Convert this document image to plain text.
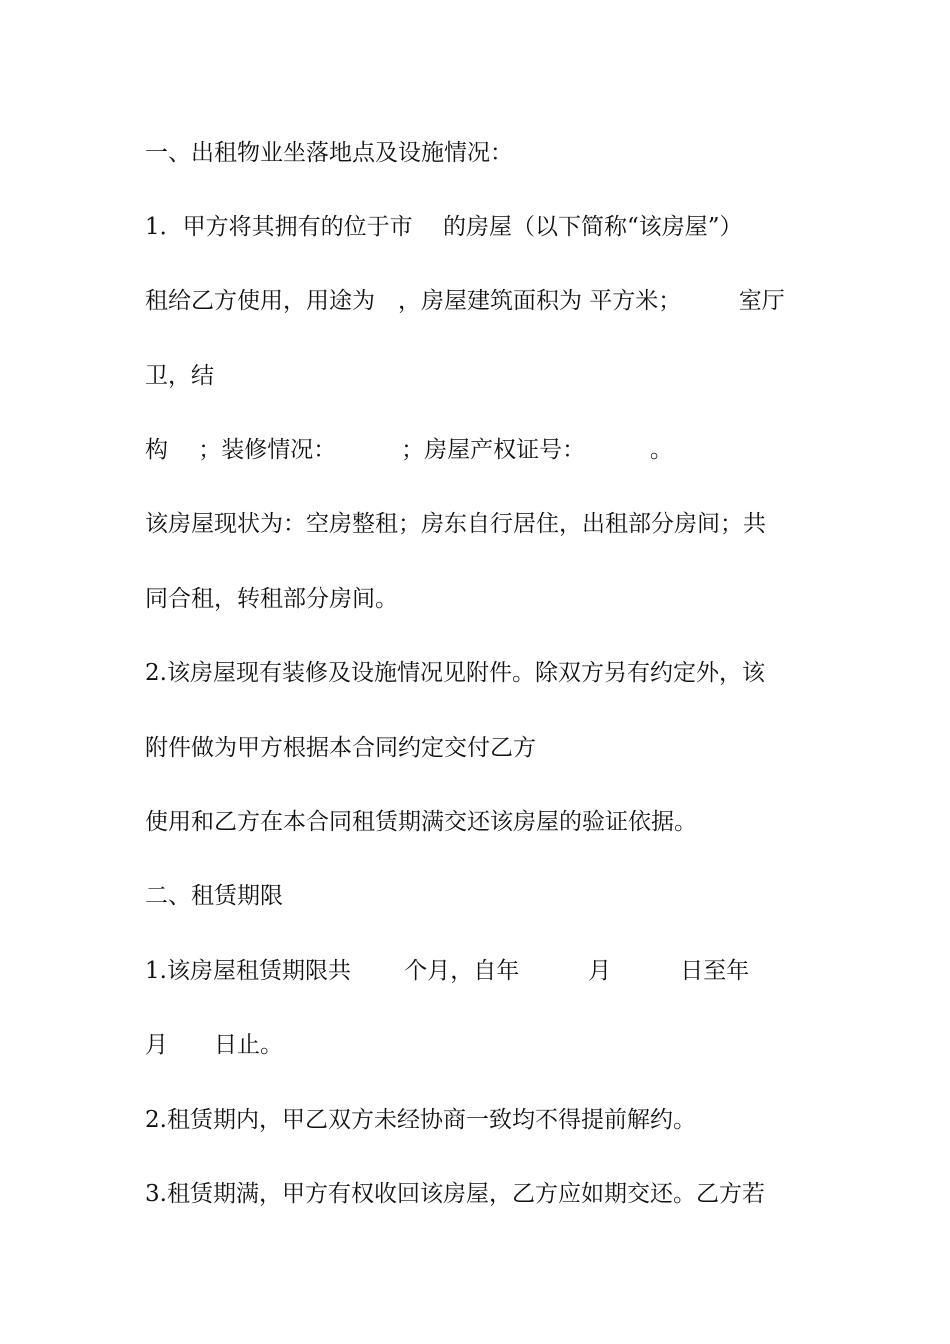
一、出租物业坐落地点及设施情况：
1．甲方将其拥有的位于市　 的房屋（以下简称“该房屋”）
租给乙方使用，用途为　，房屋建筑面积为 平方米；　　　室厅
卫，结
构　 ；装修情况：　　　 ；房屋产权证号：　　　 。
该房屋现状为：空房整租；房东自行居住，出租部分房间；共
同合租，转租部分房间。
2.该房屋现有装修及设施情况见附件。除双方另有约定外，该
附件做为甲方根据本合同约定交付乙方
使用和乙方在本合同租赁期满交还该房屋的验证依据。
二、租赁期限
1.该房屋租赁期限共　　 个月，自年　　　月　　　日至年
月　　日止。
2.租赁期内，甲乙双方未经协商一致均不得提前解约。
3.租赁期满，甲方有权收回该房屋，乙方应如期交还。乙方若
